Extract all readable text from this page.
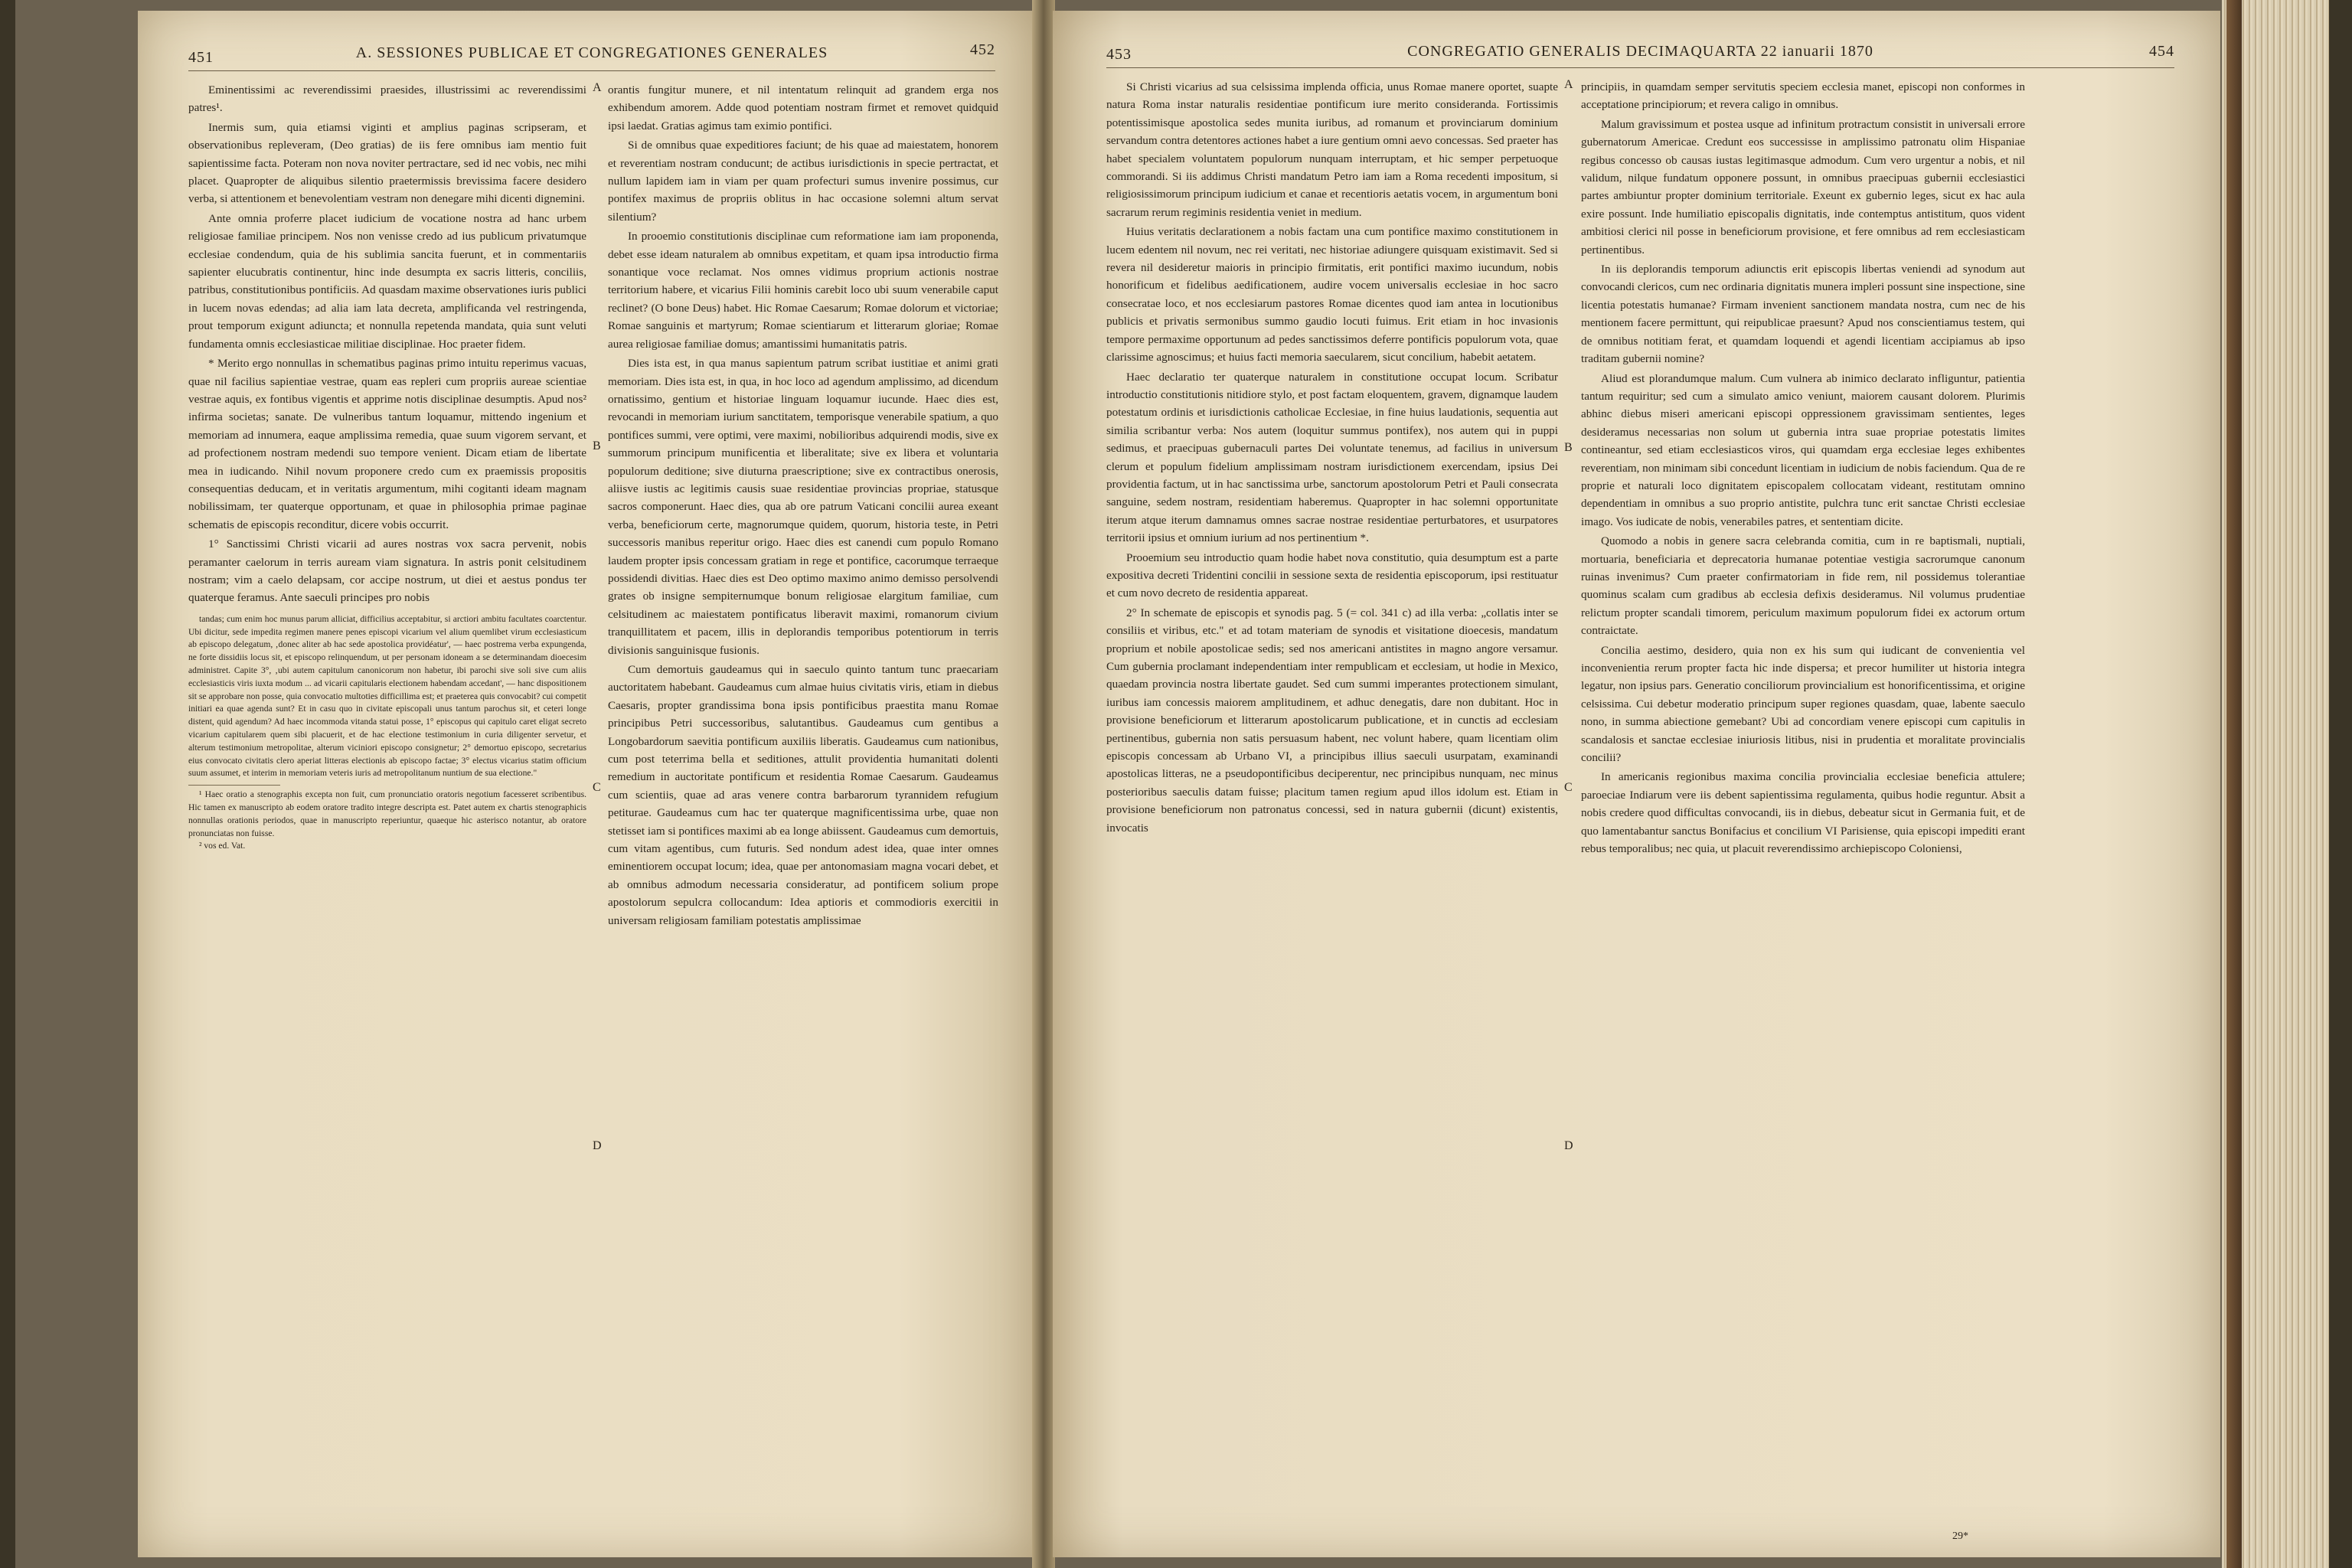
451	A. SESSIONES PUBLICAE ET CONGREGATIONES GENERALES	452

Eminentissimi ac reverendissimi praesides, illustrissimi ac reverendissimi patres¹.

Inermis sum, quia etiamsi viginti et amplius paginas scripseram, et observationibus repleveram, (Deo gratias) de iis fere omnibus iam mentio fuit sapientissime facta. Poteram non nova noviter pertractare, sed id nec vobis, nec mihi placet. Quapropter de aliquibus silentio praetermissis brevissima facere desidero verba, si attentionem et benevolentiam vestram non denegare mihi dicenti dignemini.

Ante omnia proferre placet iudicium de vocatione nostra ad hanc urbem religiosae familiae principem. Nos non venisse credo ad ius publicum privatumque ecclesiae condendum, quia de his sublimia sancita fuerunt, et in commentariis sapienter elucubratis continentur, hinc inde desumpta ex sacris litteris, conciliis, patribus, constitutionibus pontificiis. Ad quasdam maxime observationes iuris publici in lucem novas edendas; ad alia iam lata decreta, amplificanda vel restringenda, prout temporum exigunt adiuncta; et nonnulla repetenda mandata, quia sunt veluti fundamenta omnis ecclesiasticae militiae disciplinae. Hoc praeter fidem.

* Merito ergo nonnullas in schematibus paginas primo intuitu reperimus vacuas, quae nil facilius sapientiae vestrae, quam eas repleri cum propriis aureae scientiae vestrae aquis, ex fontibus vigentis et apprime notis disciplinae desumptis. Apud nos² infirma societas; sanate. De vulneribus tantum loquamur, mittendo ingenium et memoriam ad innumera, eaque amplissima remedia, quae suum vigorem servant, et ad profectionem nostram medendi suo tempore venient. Dicam etiam de libertate mea in iudicando. Nihil novum proponere credo cum ex praemissis propositis consequentias deducam, et in veritatis argumentum, mihi cogitanti ideam magnam nobilissimam, ter quaterque opportunam, et quae in philosophia primae paginae schematis de episcopis reconditur, dicere vobis occurrit.

1° Sanctissimi Christi vicarii ad aures nostras vox sacra pervenit, nobis peramanter caelorum in terris auream viam signatura. In astris ponit celsitudinem nostram; vim a caelo delapsam, cor accipe nostrum, ut diei et aestus pondus ter quaterque feramus. Ante saeculi principes pro nobis

tandas; cum enim hoc munus parum alliciat, difficilius acceptabitur, si arctiori ambitu facultates coarctentur. Ubi dicitur, sede impedita regimen manere penes episcopi vicarium vel alium quemlibet virum ecclesiasticum ab episcopo delegatum, ‚donec aliter ab hac sede apostolica providéatur', — haec postrema verba expungenda, ne forte dissidiis locus sit, et episcopo relinquendum, ut per personam idoneam a se determinandam dioecesim administret. Capite 3°, ‚ubi autem capitulum canonicorum non habetur, ibi parochi sive soli sive cum aliis ecclesiasticis viris iuxta modum ... ad vicarii capitularis electionem habendam accedant', — hanc dispositionem sit se approbare non posse, quia convocatio multoties difficillima est; et praeterea quis convocabit? cui competit initiari ea quae agenda sunt? Et in casu quo in civitate episcopali unus tantum parochus sit, et ceteri longe distent, quid agendum? Ad haec incommoda vitanda statui posse, 1° episcopus qui capitulo caret eligat secreto vicarium capitularem quem sibi placuerit, et de hac electione testimonium in curia diligenter servetur, et alterum testimonium metropolitae, alterum viciniori episcopo consignetur; 2° demortuo episcopo, secretarius eius convocato civitatis clero aperiat litteras electionis ab episcopo factae; 3° electus vicarius statim officium suum assumet, et interim in memoriam veteris iuris ad metropolitanum nuntium de sua electione."

¹ Haec oratio a stenographis excepta non fuit, cum pronunciatio oratoris negotium facesseret scribentibus. Hic tamen ex manuscripto ab eodem oratore tradito integre descripta est. Patet autem ex chartis stenographicis nonnullas orationis periodos, quae in manuscripto reperiuntur, quaeque hic asterisco notantur, ab oratore pronunciatas non fuisse.

² vos ed. Vat.

A
B
C
D

orantis fungitur munere, et nil intentatum relinquit ad grandem erga nos exhibendum amorem. Adde quod potentiam nostram firmet et removet quidquid ipsi laedat. Gratias agimus tam eximio pontifici.

Si de omnibus quae expeditiores faciunt; de his quae ad maiestatem, honorem et reverentiam nostram conducunt; de actibus iurisdictionis in specie pertractat, et nullum lapidem iam in viam per quam profecturi sumus invenire possimus, cur pontifex maximus de propriis oblitus in hac occasione solemni altum servat silentium?

In prooemio constitutionis disciplinae cum reformatione iam iam proponenda, debet esse ideam naturalem ab omnibus expetitam, et quam ipsa introductio firma sonantique voce reclamat. Nos omnes vidimus proprium actionis nostrae territorium habere, et vicarius Filii hominis carebit loco ubi suum venerabile caput reclinet? (O bone Deus) habet. Hic Romae Caesarum; Romae dolorum et victoriae; Romae sanguinis et martyrum; Romae scientiarum et litterarum gloriae; Romae aurea religiosae familiae domus; amantissimi humanitatis patris.

Dies ista est, in qua manus sapientum patrum scribat iustitiae et animi grati memoriam. Dies ista est, in qua, in hoc loco ad agendum amplissimo, ad dicendum ornatissimo, gentium et historiae linguam loquamur iucunde. Haec dies est, revocandi in memoriam iurium sanctitatem, temporisque venerabile spatium, a quo pontifices summi, vere optimi, vere maximi, nobilioribus adquirendi modis, sive ex summorum principum munificentia et liberalitate; sive ex libera et voluntaria populorum deditione; sive diuturna praescriptione; sive ex contractibus onerosis, aliisve iustis ac legitimis causis suae residentiae provincias propriae, statusque sacros componerunt. Haec dies, qua ab ore patrum Vaticani concilii aurea exeant verba, beneficiorum certe, magnorumque quidem, quorum, historia teste, in Petri successoris manibus reperitur origo. Haec dies est canendi cum populo Romano laudem propter ipsis concessam gratiam in rege et pontifice, cacorumque terraeque possidendi divitias. Haec dies est Deo optimo maximo animo demisso persolvendi grates ob insigne sempiternumque bonum religiosae elargitum familiae, cum celsitudinem ac maiestatem pontificatus liberavit maximi, romanorum civium tranquillitatem et pacem, illis in deplorandis temporibus potentiorum in terris divisionis sanguinisque fusionis.

Cum demortuis gaudeamus qui in saeculo quinto tantum tunc praecariam auctoritatem habebant. Gaudeamus cum almae huius civitatis viris, etiam in diebus Caesaris, propter grandissima bona ipsis pontificibus praestita manu Romae principibus Petri successoribus, salutantibus. Gaudeamus cum gentibus a Longobardorum saevitia pontificum auxiliis liberatis. Gaudeamus cum nationibus, cum post teterrima bella et seditiones, attulit providentia humanitati dolenti remedium in auctoritate pontificum et residentia Romae Caesarum. Gaudeamus cum scientiis, quae ad aras venere contra barbarorum tyrannidem refugium petiturae. Gaudeamus cum hac ter quaterque magnificentissima urbe, quae non stetisset iam si pontifices maximi ab ea longe abiissent. Gaudeamus cum demortuis, cum vitam agentibus, cum futuris. Sed nondum adest idea, quae inter omnes eminentiorem occupat locum; idea, quae per antonomasiam magna vocari debet, et ab omnibus admodum necessaria consideratur, ad pontificem solium prope apostolorum sepulcra collocandum: Idea aptioris et commodioris exercitii in universam religiosam familiam potestatis amplissimae

453	CONGREGATIO GENERALIS DECIMAQUARTA 22 ianuarii 1870	454

Si Christi vicarius ad sua celsissima implenda officia, unus Romae manere oportet, suapte natura Roma instar naturalis residentiae pontificum iure merito consideranda. Fortissimis potentissimisque apostolica sedes munita iuribus, ad romanum et provinciarum dominium servandum contra detentores actiones habet a iure gentium omni aevo concessas. Sed praeter has habet specialem voluntatem populorum nunquam interruptam, et hic semper perpetuoque commorandi. Si iis addimus Christi mandatum Petro iam iam a Roma recedenti impositum, si religiosissimorum principum iudicium et canae et recentioris aetatis vocem, in argumentum boni sacrarum rerum regiminis residentia veniet in medium.

Huius veritatis declarationem a nobis factam una cum pontifice maximo constitutionem in lucem edentem nil novum, nec rei veritati, nec historiae adiungere quisquam existimavit. Sed si revera nil desideretur maioris in principio firmitatis, erit pontifici maximo iucundum, nobis honorificum et fidelibus aedificationem, audire vocem universalis ecclesiae in hoc sacro consecratae loco, et nos ecclesiarum pastores Romae dicentes quod iam antea in locutionibus publicis et privatis sermonibus summo gaudio locuti fuimus. Erit etiam in hoc invasionis tempore permaxime opportunum ad pedes sanctissimos deferre pontificis populorum vota, quae clarissime agnoscimus; et huius facti memoria saecularem, sicut concilium, habebit aetatem.

Haec declaratio ter quaterque naturalem in constitutione occupat locum. Scribatur introductio constitutionis nitidiore stylo, et post factam eloquentem, gravem, dignamque laudem potestatum ordinis et iurisdictionis catholicae Ecclesiae, in fine huius laudationis, sequentia aut similia scribantur verba: Nos autem (loquitur summus pontifex), nos autem qui in puppi sedimus, et praecipuas gubernaculi partes Dei voluntate tenemus, ad facilius in universum clerum et populum fidelium amplissimam nostram iurisdictionem exercendam, ipsius Dei providentia factum, ut in hac sanctissima urbe, sanctorum apostolorum Petri et Pauli consecrata sanguine, sedem nostram, residentiam haberemus. Quapropter in hac solemni opportunitate iterum atque iterum damnamus omnes sacrae nostrae residentiae perturbatores, et usurpatores territorii ipsius et omnium iurium ad nos pertinentium *.

Prooemium seu introductio quam hodie habet nova constitutio, quia desumptum est a parte expositiva decreti Tridentini concilii in sessione sexta de residentia episcoporum, ipsi restituatur et cum novo decreto de residentia appareat.

2° In schemate de episcopis et synodis pag. 5 (= col. 341 c) ad illa verba: „collatis inter se consiliis et viribus, etc." et ad totam materiam de synodis et visitatione dioecesis, mandatum proprium et nobile apostolicae sedis; sed nos americani antistites in magno angore versamur. Cum gubernia proclamant independentiam inter rempublicam et ecclesiam, ut hodie in Mexico, quaedam provincia nostra libertate gaudet. Sed cum summi imperantes protectionem simulant, iuribus iam concessis maiorem amplitudinem, et adhuc denegatis, dare non dubitant. Hoc in provisione beneficiorum et litterarum apostolicarum publicatione, et in cunctis ad ecclesiam pertinentibus, gubernia non satis persuasum habent, nec volunt habere, quam licentiam olim episcopis concessam ab Urbano VI, a principibus illius saeculi usurpatam, examinandi apostolicas litteras, ne a pseudopontificibus deciperentur, nec principibus nunquam, nec minus posterioribus saeculis datam fuisse; placitum tamen regium apud illos idolum est. Etiam in provisione beneficiorum non patronatus concessi, sed in natura gubernii (dicunt) existentis, invocatis

A
B
C
D

principiis, in quamdam semper servitutis speciem ecclesia manet, episcopi non conformes in acceptatione principiorum; et revera caligo in omnibus.

Malum gravissimum et postea usque ad infinitum protractum consistit in universali errore gubernatorum Americae. Credunt eos successisse in amplissimo patronatu olim Hispaniae regibus concesso ob causas iustas legitimasque admodum. Cum vero urgentur a nobis, et nil validum, nilque fundatum opponere possunt, in omnibus praecipuas gubernii ecclesiastici partes ambiuntur propter dominium territoriale. Exeunt ex gubernio leges, sicut ex hac aula exire possunt. Inde humiliatio episcopalis dignitatis, inde contemptus antistitum, quos vident ambitiosi clerici nil posse in beneficiorum provisione, et fere omnibus ad rem ecclesiasticam pertinentibus.

In iis deplorandis temporum adiunctis erit episcopis libertas veniendi ad synodum aut convocandi clericos, cum nec ordinaria dignitatis munera impleri possunt sine inspectione, sine licentia potestatis humanae? Firmam invenient sanctionem mandata nostra, cum nec de his mentionem facere permittunt, qui reipublicae praesunt? Apud nos conscientiamus testem, qui de omnibus notitiam ferat, et quamdam loquendi et agendi licentiam accipiamus ab ipso traditam gubernii nomine?

Aliud est plorandumque malum. Cum vulnera ab inimico declarato infliguntur, patientia tantum requiritur; sed cum a simulato amico veniunt, maiorem causant dolorem. Plurimis abhinc diebus miseri americani episcopi oppressionem gravissimam sentientes, leges desideramus necessarias non solum ut gubernia intra suae propriae potestatis limites contineantur, sed etiam ecclesiasticos viros, qui quamdam erga ecclesiae leges exhibentes reverentiam, non minimam sibi concedunt licentiam in iudicium de nobis faciendum. Qua de re proprie et naturali loco dignitatem episcopalem collocatam videant, restitutam omnino dependentiam in omnibus a suo proprio antistite, pulchra tunc erit sanctae Christi ecclesiae imago. Vos iudicate de nobis, venerabiles patres, et sententiam dicite.

Quomodo a nobis in genere sacra celebranda comitia, cum in re baptismali, nuptiali, mortuaria, beneficiaria et deprecatoria humanae potentiae vestigia sacrorumque canonum ruinas invenimus? Cum praeter confirmatoriam in fide rem, nil possidemus tolerantiae quominus scalam cum gradibus ab ecclesia defixis desideramus. Nil volumus prudentiae relictum propter scandali timorem, periculum maximum populorum fidei ex actorum ortum contraictate.

Concilia aestimo, desidero, quia non ex his sum qui iudicant de convenientia vel inconvenientia rerum propter facta hic inde dispersa; et precor humiliter ut historia integra legatur, non ipsius pars. Generatio conciliorum provincialium est honorificentissima, et origine celsissima. Cui debetur moderatio principum super regiones quasdam, quae, labente saeculo nono, in summa abiectione gemebant? Ubi ad concordiam venere episcopi cum capitulis in scandalosis et sanctae ecclesiae iniuriosis litibus, nisi in prudentia et moralitate provincialis concilii?

In americanis regionibus maxima concilia provincialia ecclesiae beneficia attulere; paroeciae Indiarum vere iis debent sapientissima regulamenta, quibus hodie reguntur. Absit a nobis credere quod difficultas convocandi, iis in diebus, debeatur sicut in Germania fuit, et de quo lamentabantur sanctus Bonifacius et concilium VI Parisiense, quia episcopi impediti erant rebus temporalibus; nec quia, ut placuit reverendissimo archiepiscopo Coloniensi,

29*
